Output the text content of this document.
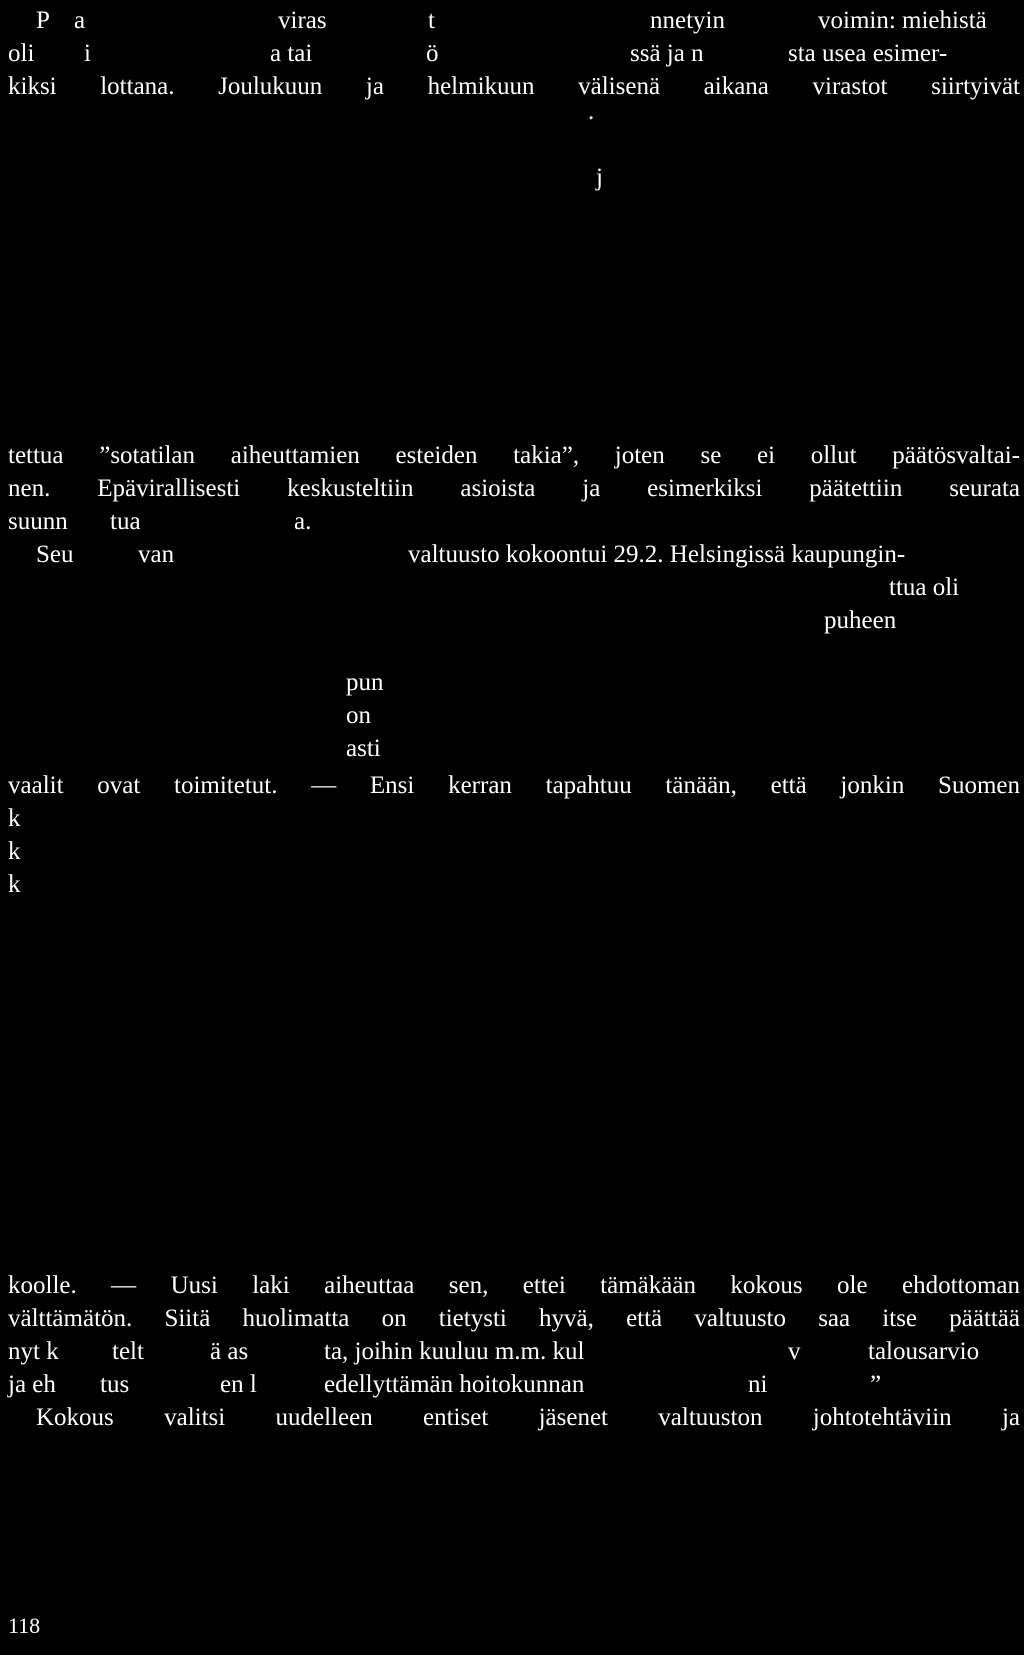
P a	viras	t	nnetyin	voimin: miehistä
oli i	a tai	ö	ssä ja n	sta usea esimer-
kiksi lottana. Joulukuun ja helmikuun välisenä aikana virastot siirtyivät
.
j
tettua ”sotatilan aiheuttamien esteiden takia”, joten se ei ollut päätösvaltai-
nen. Epävirallisesti keskusteltiin asioista ja esimerkiksi päätettiin seurata
suunn tua	a.
Seu	van	valtuusto kokoontui 29.2. Helsingissä kaupungin-
ttua oli
puheen
pun
on
asti
vaalit ovat toimitetut. — Ensi kerran tapahtuu tänään, että jonkin Suomen
k
k
k
koolle. — Uusi laki aiheuttaa sen, ettei tämäkään kokous ole ehdottoman
välttämätön. Siitä huolimatta on tietysti hyvä, että valtuusto saa itse päättää
nyt k telt	ä as	ta, joihin kuuluu m.m. kul	v	talousarvio
ja eh tus	en l	edellyttämän hoitokunnan	ni	”
Kokous valitsi uudelleen entiset jäsenet valtuuston johtotehtäviin ja
118
